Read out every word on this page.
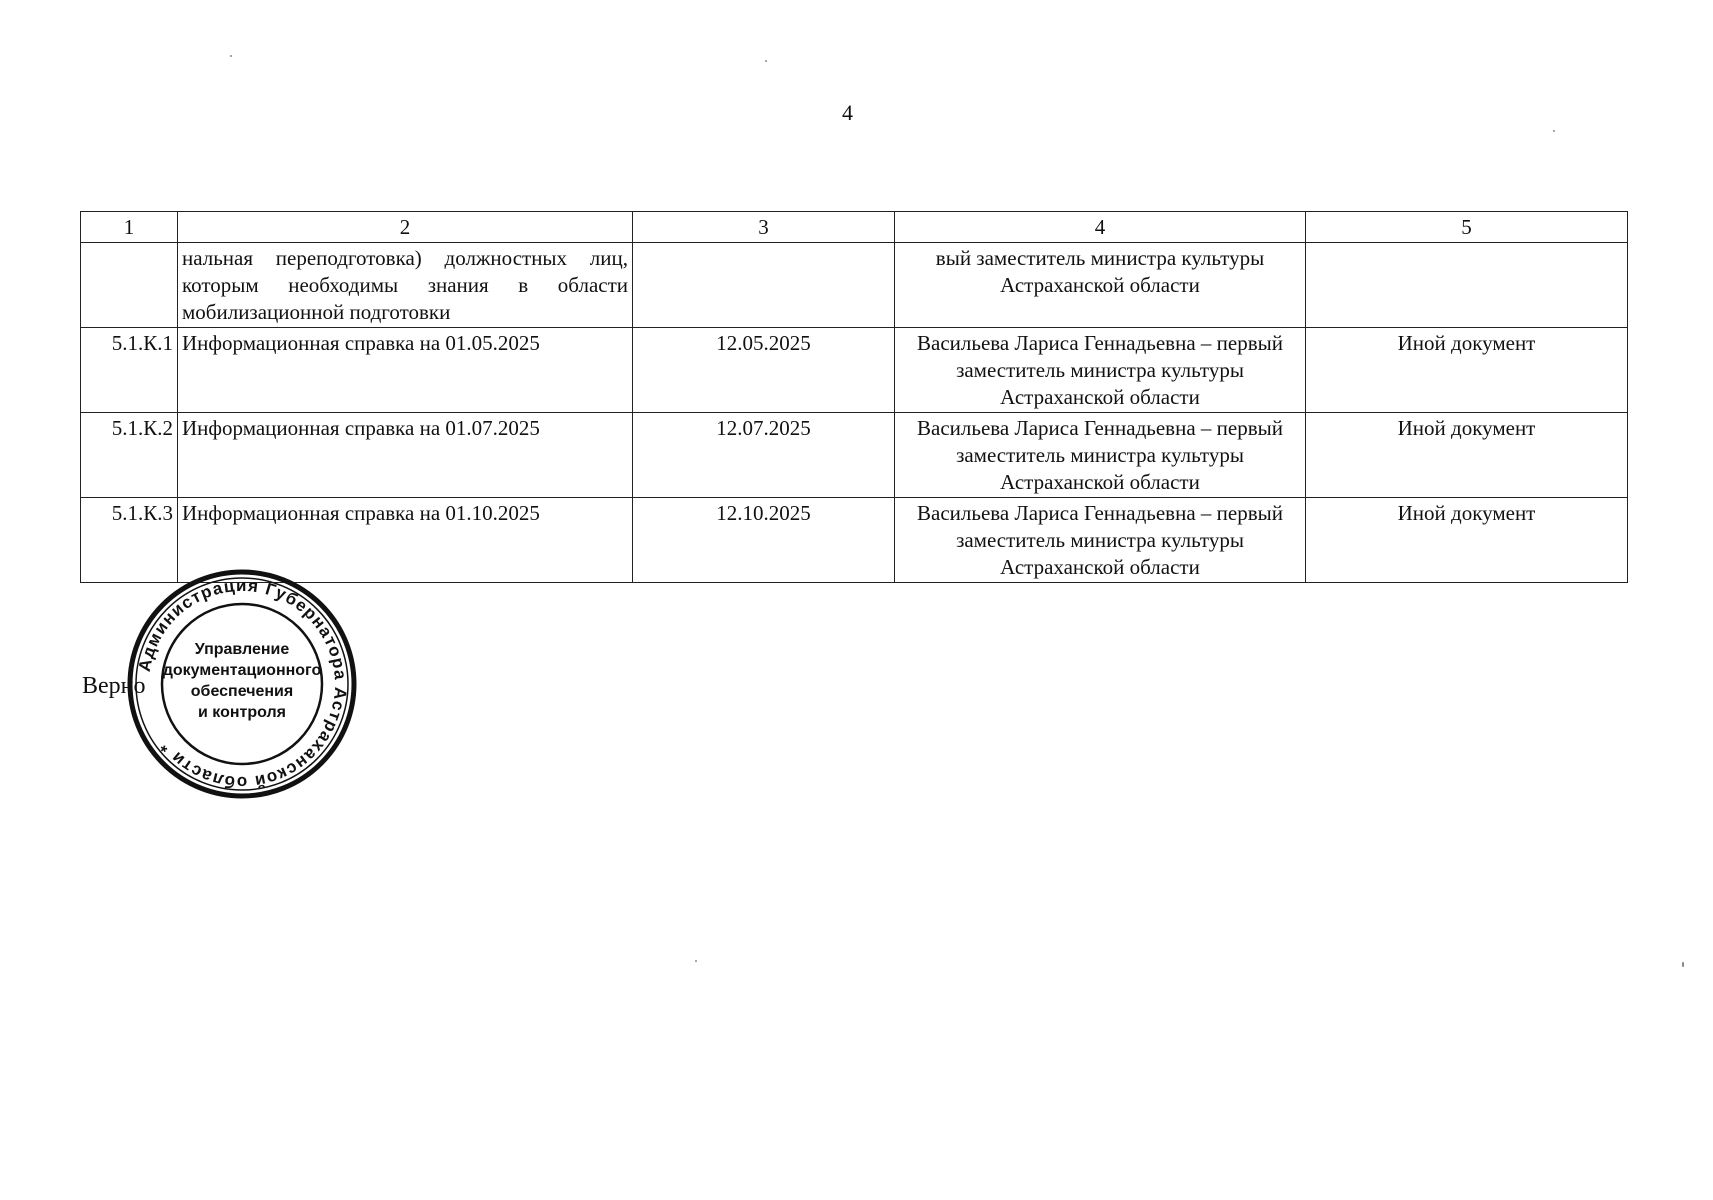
4
1	2	3	4	5
	нальная переподготовка) должностных лиц, которым необходимы знания в области мобилизационной подготовки		вый заместитель министра культуры Астраханской области	
5.1.К.1	Информационная справка на 01.05.2025	12.05.2025	Васильева Лариса Геннадьевна – первый заместитель министра культуры Астраханской области	Иной документ
5.1.К.2	Информационная справка на 01.07.2025	12.07.2025	Васильева Лариса Геннадьевна – первый заместитель министра культуры Астраханской области	Иной документ
5.1.К.3	Информационная справка на 01.10.2025	12.10.2025	Васильева Лариса Геннадьевна – первый заместитель министра культуры Астраханской области	Иной документ
Верно
Администрация Губернатора Астраханской области *
Управление
документационного
обеспечения
и контроля
